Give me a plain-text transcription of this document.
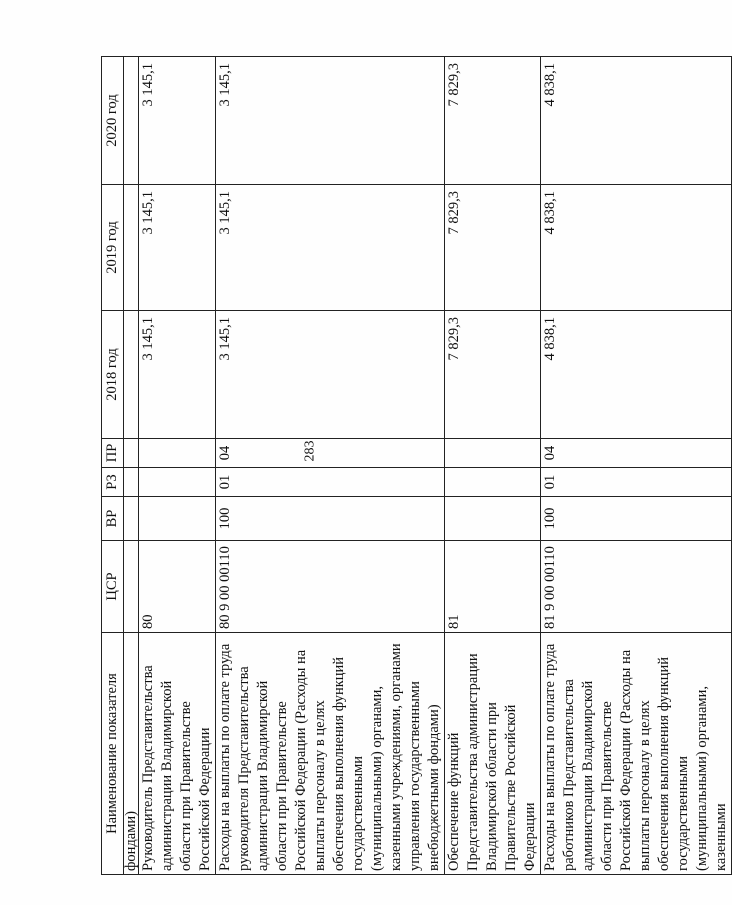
283
Наименование показателя	ЦСР	ВР	РЗ	ПР	2018 год	2019 год	2020 год
фондами)							
Руководитель Представительства администрации Владимирской области при Правительстве Российской Федерации	80				3 145,1	3 145,1	3 145,1
Расходы на выплаты по оплате труда руководителя Представительства администрации Владимирской области при Правительстве Российской Федерации (Расходы на выплаты персоналу в целях обеспечения выполнения функций государственными (муниципальными) органами, казенными учреждениями, органами управления государственными внебюджетными фондами)	80 9 00 00110	100	01	04	3 145,1	3 145,1	3 145,1
Обеспечение функций Представительства администрации Владимирской области при Правительстве Российской Федерации	81				7 829,3	7 829,3	7 829,3
Расходы на выплаты по оплате труда работников Представительства администрации Владимирской области при Правительстве Российской Федерации (Расходы на выплаты персоналу в целях обеспечения выполнения функций государственными (муниципальными) органами, казенными	81 9 00 00110	100	01	04	4 838,1	4 838,1	4 838,1
